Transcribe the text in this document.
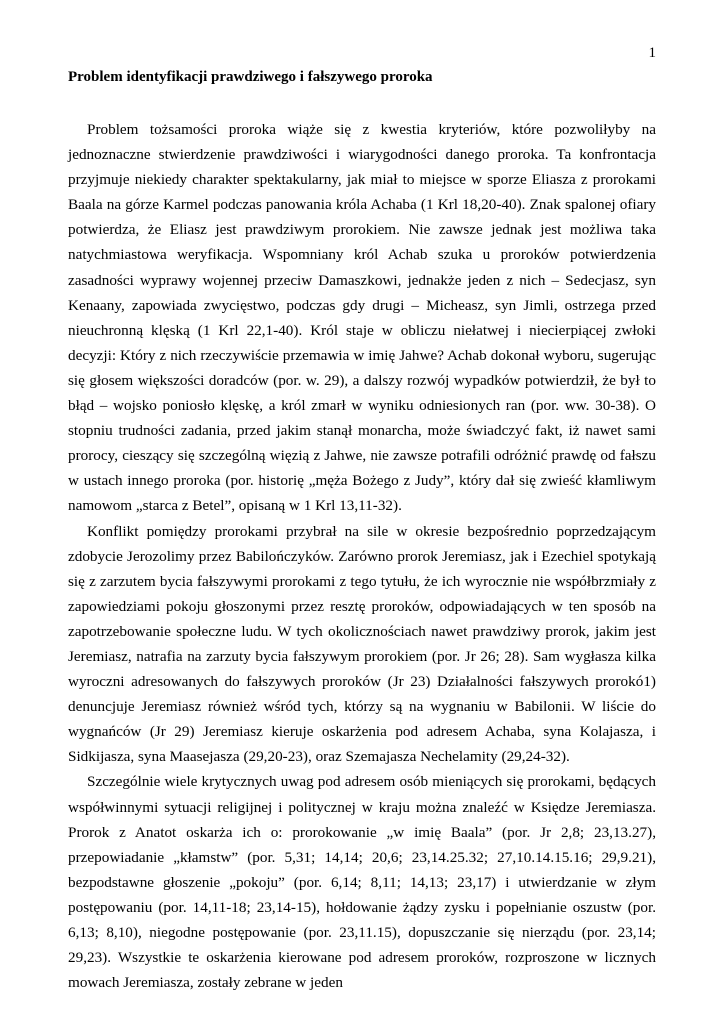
1
Problem identyfikacji prawdziwego i fałszywego proroka

Problem tożsamości proroka wiąże się z kwestia kryteriów, które pozwoliłyby na jednoznaczne stwierdzenie prawdziwości i wiarygodności danego proroka. Ta konfrontacja przyjmuje niekiedy charakter spektakularny, jak miał to miejsce w sporze Eliasza z prorokami Baala na górze Karmel podczas panowania króla Achaba (1 Krl 18,20-40). Znak spalonej ofiary potwierdza, że Eliasz jest prawdziwym prorokiem. Nie zawsze jednak jest możliwa taka natychmiastowa weryfikacja. Wspomniany król Achab szuka u proroków potwierdzenia zasadności wyprawy wojennej przeciw Damaszkowi, jednakże jeden z nich – Sedecjasz, syn Kenaany, zapowiada zwycięstwo, podczas gdy drugi – Micheasz, syn Jimli, ostrzega przed nieuchronną klęską (1 Krl 22,1-40). Król staje w obliczu niełatwej i niecierpiącej zwłoki decyzji: Który z nich rzeczywiście przemawia w imię Jahwe? Achab dokonał wyboru, sugerując się głosem większości doradców (por. w. 29), a dalszy rozwój wypadków potwierdził, że był to błąd – wojsko poniosło klęskę, a król zmarł w wyniku odniesionych ran (por. ww. 30-38). O stopniu trudności zadania, przed jakim stanął monarcha, może świadczyć fakt, iż nawet sami prorocy, cieszący się szczególną więzią z Jahwe, nie zawsze potrafili odróżnić prawdę od fałszu w ustach innego proroka (por. historię „męża Bożego z Judy”, który dał się zwieść kłamliwym namowom „starca z Betel”, opisaną w 1 Krl 13,11-32).

Konflikt pomiędzy prorokami przybrał na sile w okresie bezpośrednio poprzedzającym zdobycie Jerozolimy przez Babilończyków. Zarówno prorok Jeremiasz, jak i Ezechiel spotykają się z zarzutem bycia fałszywymi prorokami z tego tytułu, że ich wyrocznie nie współbrzmiały z zapowiedziami pokoju głoszonymi przez resztę proroków, odpowiadających w ten sposób na zapotrzebowanie społeczne ludu. W tych okolicznościach nawet prawdziwy prorok, jakim jest Jeremiasz, natrafia na zarzuty bycia fałszywym prorokiem (por. Jr 26; 28). Sam wygłasza kilka wyroczni adresowanych do fałszywych proroków (Jr 23) Działalności fałszywych prorokó1) denuncjuje Jeremiasz również wśród tych, którzy są na wygnaniu w Babilonii. W liście do wygnańców (Jr 29) Jeremiasz kieruje oskarżenia pod adresem Achaba, syna Kolajasza, i Sidkijasza, syna Maasejasza (29,20-23), oraz Szemajasza Nechelamity (29,24-32).

Szczególnie wiele krytycznych uwag pod adresem osób mieniących się prorokami, będących współwinnymi sytuacji religijnej i politycznej w kraju można znaleźć w Księdze Jeremiasza. Prorok z Anatot oskarża ich o: prorokowanie „w imię Baala” (por. Jr 2,8; 23,13.27), przepowiadanie „kłamstw” (por. 5,31; 14,14; 20,6; 23,14.25.32; 27,10.14.15.16; 29,9.21), bezpodstawne głoszenie „pokoju” (por. 6,14; 8,11; 14,13; 23,17) i utwierdzanie w złym postępowaniu (por. 14,11-18; 23,14-15), hołdowanie żądzy zysku i popełnianie oszustw (por. 6,13; 8,10), niegodne postępowanie (por. 23,11.15), dopuszczanie się nierządu (por. 23,14; 29,23). Wszystkie te oskarżenia kierowane pod adresem proroków, rozproszone w licznych mowach Jeremiasza, zostały zebrane w jeden
